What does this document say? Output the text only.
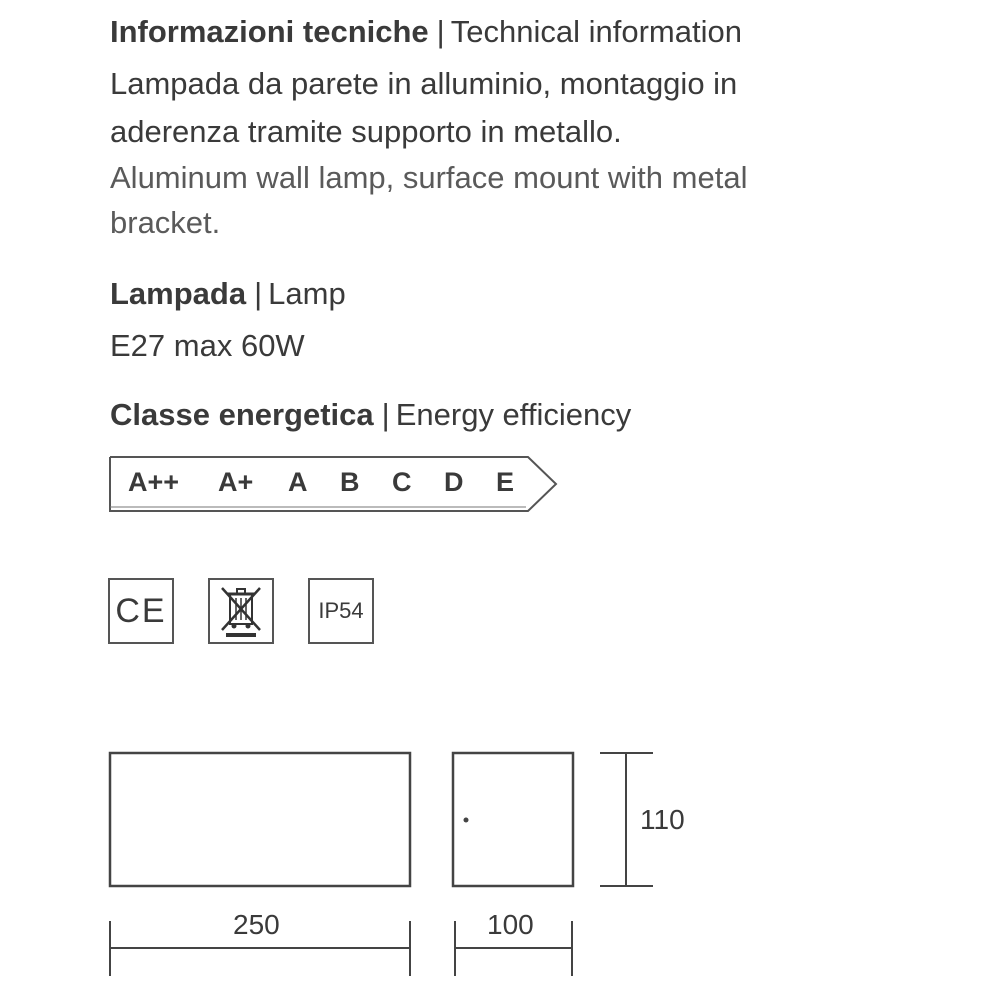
Informazioni tecniche | Technical information
Lampada da parete in alluminio, montaggio in
aderenza tramite supporto in metallo.
Aluminum wall lamp, surface mount with metal
bracket.
Lampada | Lamp
E27 max 60W
Classe energetica | Energy efficiency
A++ A+ A B C D E
CE	IP54
250	100
110
